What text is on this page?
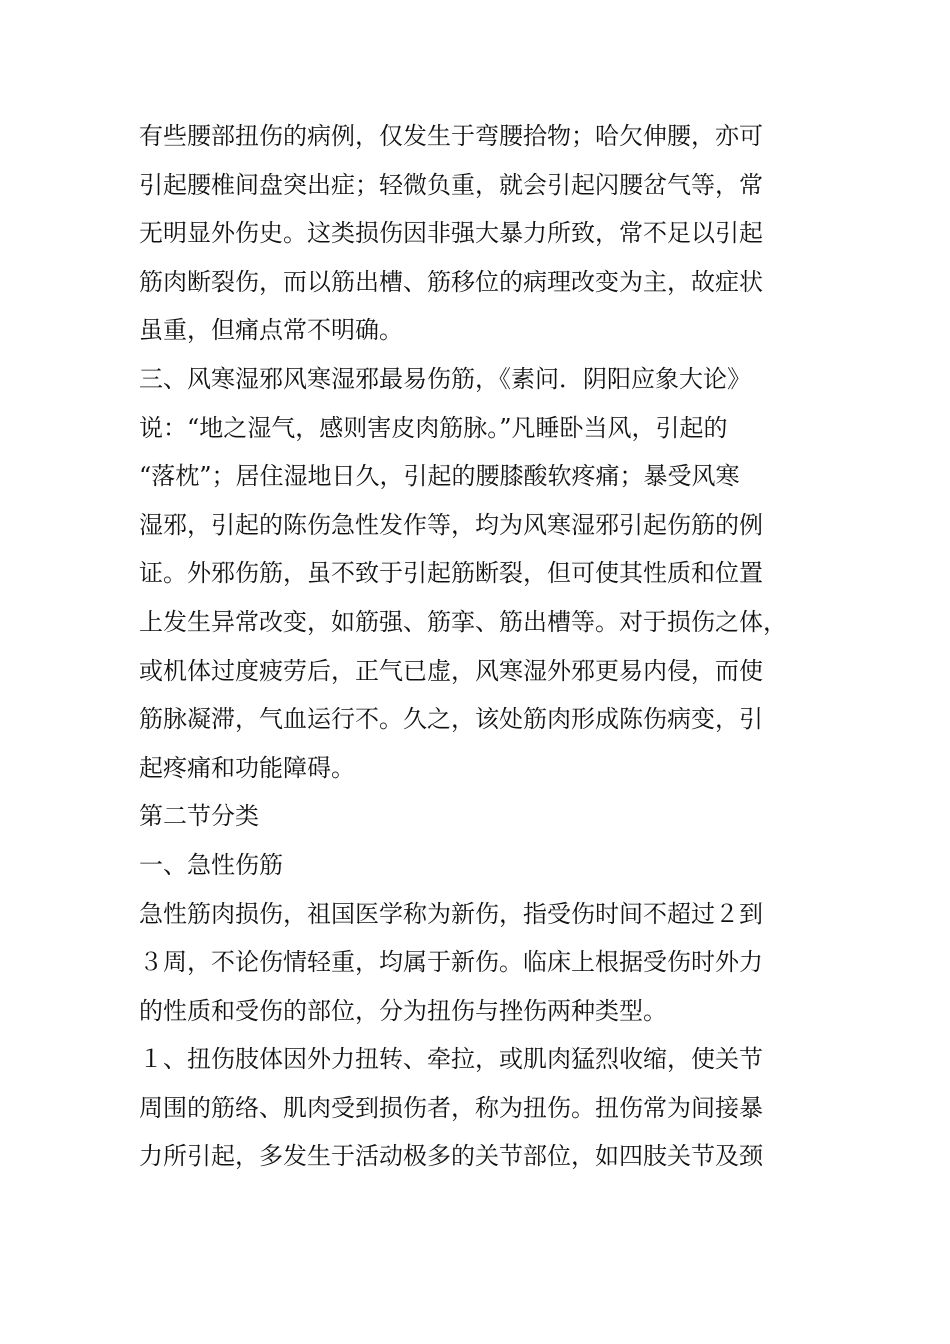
有些腰部扭伤的病例，仅发生于弯腰拾物；哈欠伸腰，亦可
引起腰椎间盘突出症；轻微负重，就会引起闪腰岔气等，常
无明显外伤史。这类损伤因非强大暴力所致，常不足以引起
筋肉断裂伤，而以筋出槽、筋移位的病理改变为主，故症状
虽重，但痛点常不明确。
三、风寒湿邪风寒湿邪最易伤筋，《素问．阴阳应象大论》
说：“地之湿气，感则害皮肉筋脉。”凡睡卧当风，引起的
“落枕”；居住湿地日久，引起的腰膝酸软疼痛；暴受风寒
湿邪，引起的陈伤急性发作等，均为风寒湿邪引起伤筋的例
证。外邪伤筋，虽不致于引起筋断裂，但可使其性质和位置
上发生异常改变，如筋强、筋挛、筋出槽等。对于损伤之体，
或机体过度疲劳后，正气已虚，风寒湿外邪更易内侵，而使
筋脉凝滞，气血运行不。久之，该处筋肉形成陈伤病变，引
起疼痛和功能障碍。
第二节分类
一、急性伤筋
急性筋肉损伤，祖国医学称为新伤，指受伤时间不超过２到
３周，不论伤情轻重，均属于新伤。临床上根据受伤时外力
的性质和受伤的部位，分为扭伤与挫伤两种类型。
１、扭伤肢体因外力扭转、牵拉，或肌肉猛烈收缩，使关节
周围的筋络、肌肉受到损伤者，称为扭伤。扭伤常为间接暴
力所引起，多发生于活动极多的关节部位，如四肢关节及颈
